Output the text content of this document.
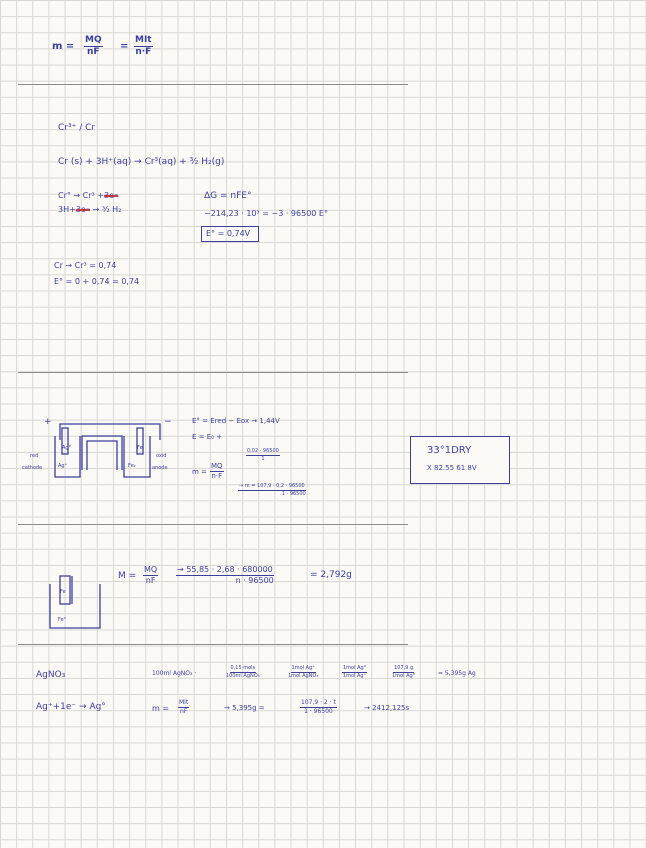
$m = \frac{MQ}{nF}$ =
MIt
n·F
Cr³⁺ / Cr
Cr (s) + 3H⁺(aq) → Cr³(aq) + ³⁄₂ H₂(g)
Cr° → Cr³ +3e⁻
3H+3e⁻ → ³⁄₂ H₂
ΔG = nFE°
−214,23 · 10³ = −3 · 96500 E°
E° = 0,74V
Cr → Cr³ = 0,74
E° = 0 + 0,74 = 0,74
+	−
Ag°	Fe
Ag⁺	Fe₂
red
cathode
oxid
anode
E° = Ered − Eox → 1,44V
E = E₀ +
$\frac{0,02 \cdot 96500}{1}$
$m = \frac{MQ}{n\cdot F}$
$\frac{\to m = 107,9 \cdot 0,2 \cdot 96500}{1 \cdot 96500}$
33°1DRY
X 82.55 61 8V
Fe
Fe°
$M = \frac{MQ}{nF} \frac{\to 55,85 \cdot 2,68 \cdot 680000}{n \cdot 96500}$	= 2,792g
AgNO₃
Ag⁺+1e⁻ → Ag°
100ml AgNO₃ ·
0,15 mols
100ml AgNO₃
1mol Ag⁺
1mol AgNO₃
1mol Ag°
1mol Ag⁺
107,9 g
1mol Ag°	= 5,395g Ag
m =
MIt
nF	→ 5,395g =	$\frac{107,9 \cdot 2 \cdot t}{1 \cdot 96500}$	→ 2412,125s
